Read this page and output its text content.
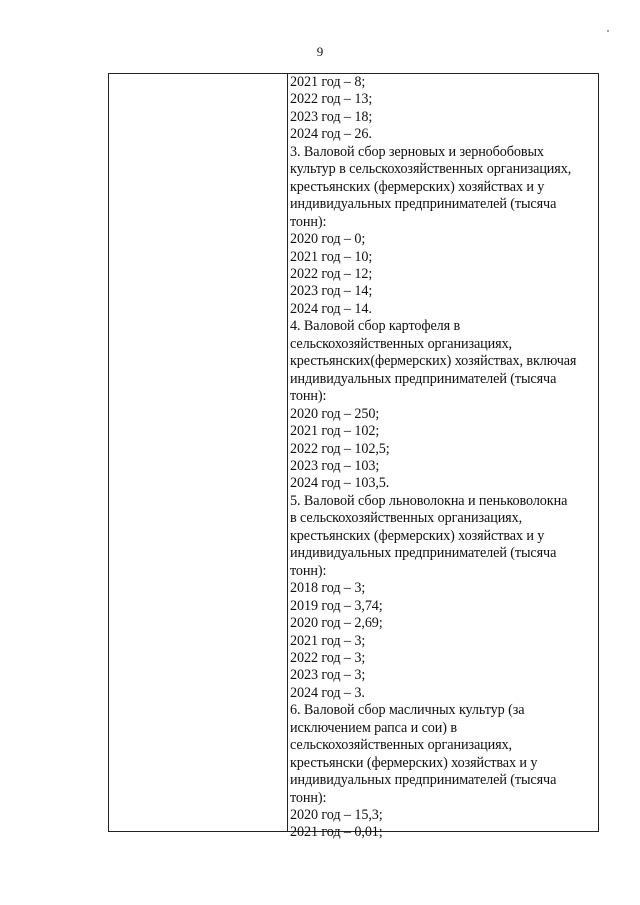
9
2021 год – 8;
2022 год – 13;
2023 год – 18;
2024 год – 26.
3. Валовой сбор зерновых и зернобобовых
культур в сельскохозяйственных организациях,
крестьянских (фермерских) хозяйствах и у
индивидуальных предпринимателей (тысяча
тонн):
2020 год – 0;
2021 год – 10;
2022 год – 12;
2023 год – 14;
2024 год – 14.
4. Валовой сбор картофеля в
сельскохозяйственных организациях,
крестьянских(фермерских) хозяйствах, включая
индивидуальных предпринимателей (тысяча
тонн):
2020 год – 250;
2021 год – 102;
2022 год – 102,5;
2023 год – 103;
2024 год – 103,5.
5. Валовой сбор льноволокна и пеньковолокна
в сельскохозяйственных организациях,
крестьянских (фермерских) хозяйствах и у
индивидуальных предпринимателей (тысяча
тонн):
2018 год – 3;
2019 год – 3,74;
2020 год – 2,69;
2021 год – 3;
2022 год – 3;
2023 год – 3;
2024 год – 3.
6. Валовой сбор масличных культур (за
исключением рапса и сои) в
сельскохозяйственных организациях,
крестьянски (фермерских) хозяйствах и у
индивидуальных предпринимателей (тысяча
тонн):
2020 год – 15,3;
2021 год – 0,01;
